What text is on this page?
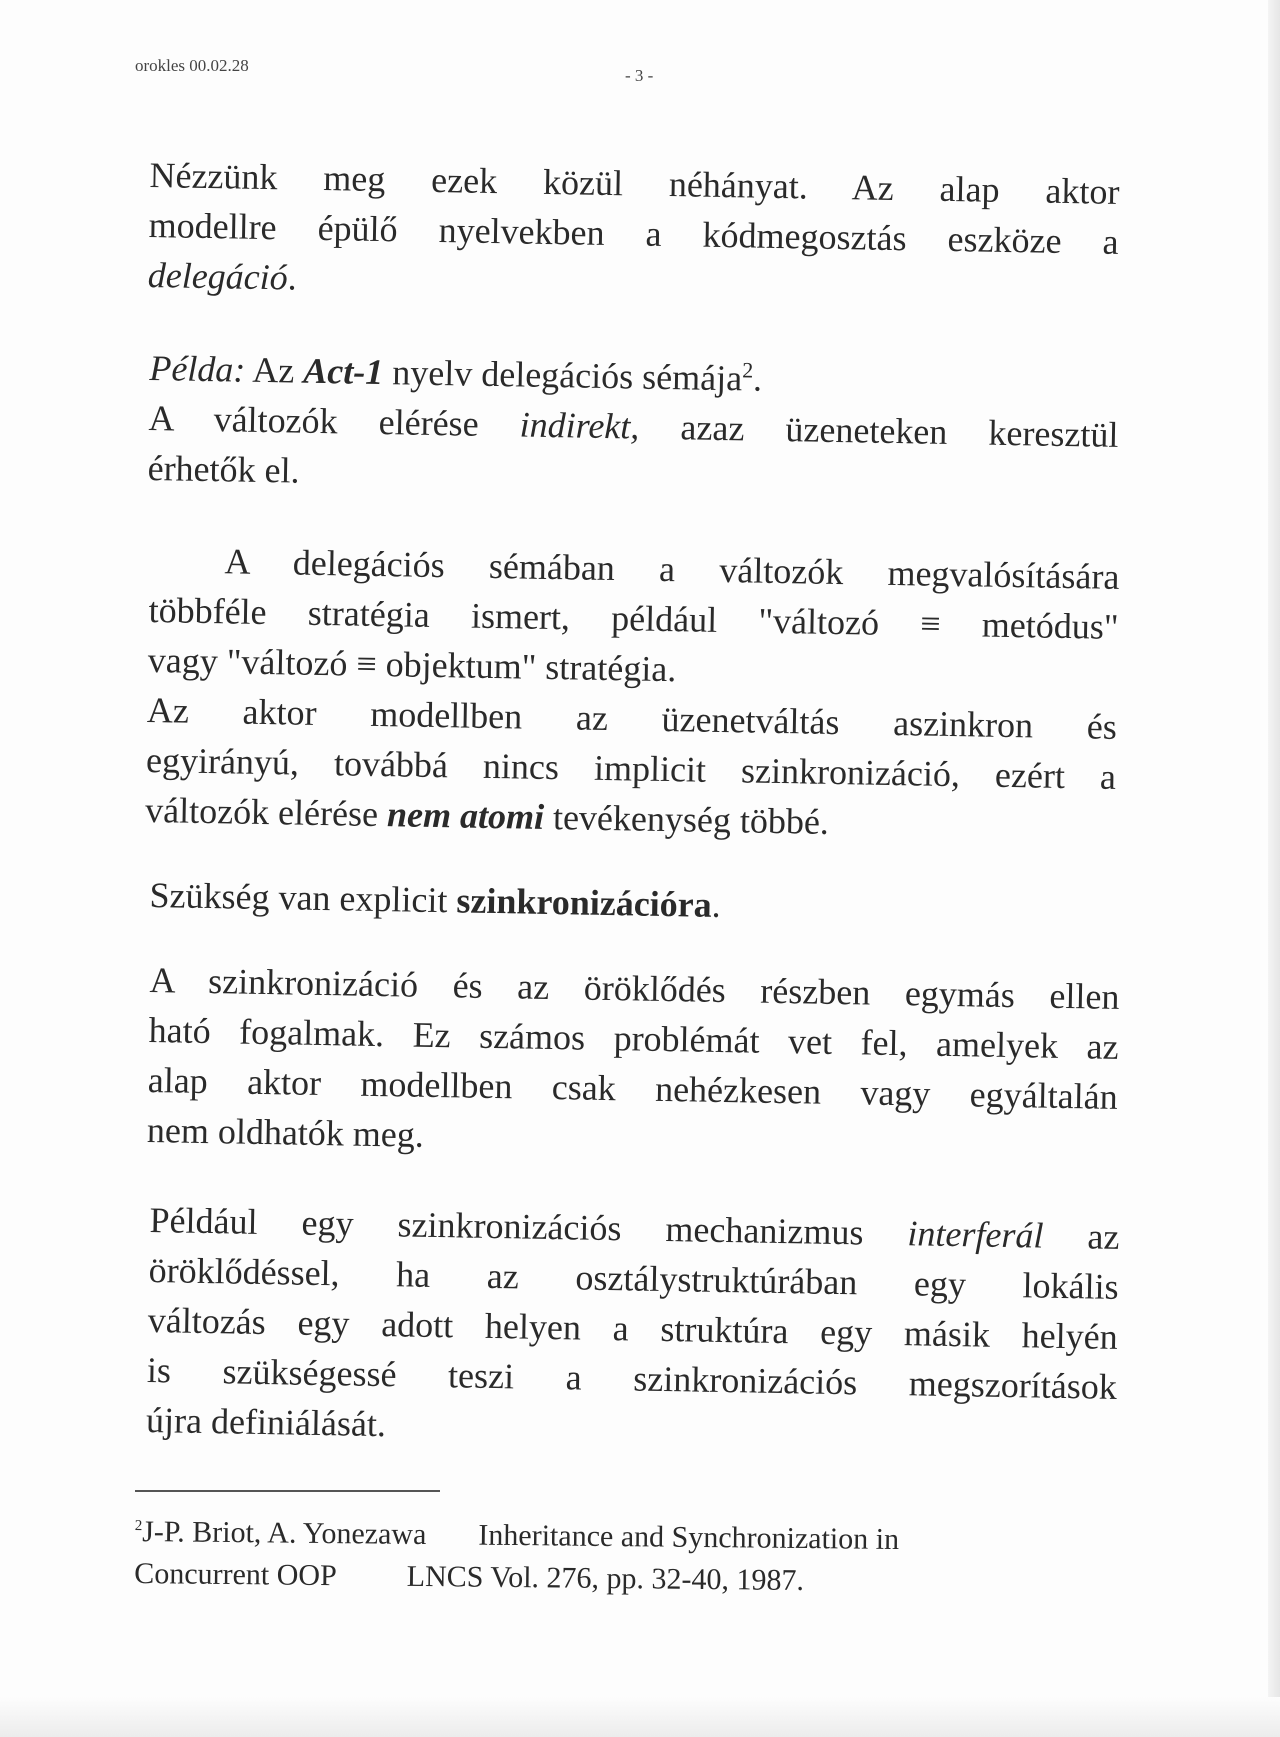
orokles 00.02.28
- 3 -

Nézzünk meg ezek közül néhányat. Az alap aktor

modellre épülő nyelvekben a kódmegosztás eszköze a

delegáció.

Példa: Az Act-1 nyelv delegációs sémája$^2$.

A változók elérése indirekt, azaz üzeneteken keresztül

érhetők el.

A delegációs sémában a változók megvalósítására

többféle stratégia ismert, például "változó ≡ metódus"

vagy "változó ≡ objektum" stratégia.

Az aktor modellben az üzenetváltás aszinkron és

egyirányú, továbbá nincs implicit szinkronizáció, ezért a

változók elérése nem atomi tevékenység többé.

Szükség van explicit szinkronizációra.

A szinkronizáció és az öröklődés részben egymás ellen

ható fogalmak. Ez számos problémát vet fel, amelyek az

alap aktor modellben csak nehézkesen vagy egyáltalán

nem oldhatók meg.

Például egy szinkronizációs mechanizmus interferál az

öröklődéssel, ha az osztálystruktúrában egy lokális

változás egy adott helyen a struktúra egy másik helyén

is szükségessé teszi a szinkronizációs megszorítások

újra definiálását.

$^2$J-P. Briot, A. Yonezawa Inheritance and Synchronization in
Concurrent OOP LNCS Vol. 276, pp. 32-40, 1987.
